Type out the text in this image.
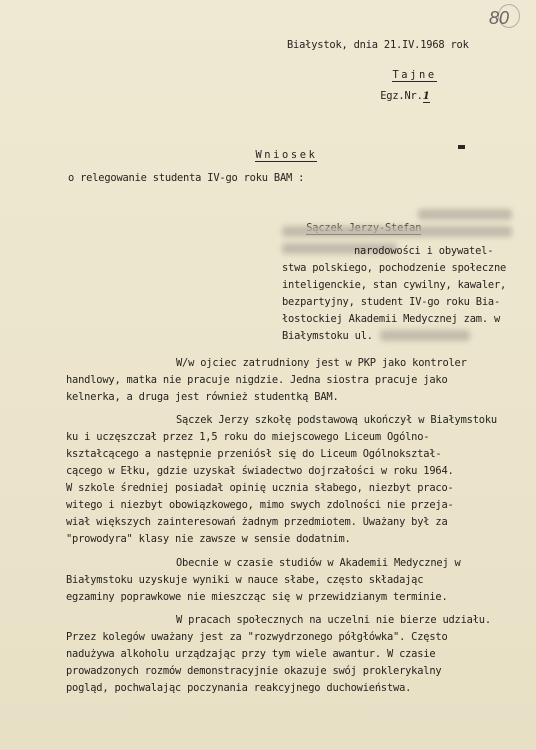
80
Białystok, dnia 21.IV.1968 rok

Tajne

Egz.Nr.1

Wniosek

o relegowanie studenta IV-go roku BAM :

narodowości i obywatel-
stwa polskiego, pochodzenie społeczne
inteligenckie, stan cywilny, kawaler,
bezpartyjny, student IV-go roku Bia-
łostockiej Akademii Medycznej zam. w
Białymstoku ul.
W/w ojciec zatrudniony jest w PKP jako kontroler
handlowy, matka nie pracuje nigdzie. Jedna siostra pracuje jako
kelnerka, a druga jest również studentką BAM.
Sączek Jerzy szkołę podstawową ukończył w Białymstoku
ku i uczęszczał przez 1,5 roku do miejscowego Liceum Ogólno-
kształcącego a następnie przeniósł się do Liceum Ogólnokształ-
cącego w Ełku, gdzie uzyskał świadectwo dojrzałości w roku 1964.
W szkole średniej posiadał opinię ucznia słabego, niezbyt praco-
witego i niezbyt obowiązkowego, mimo swych zdolności nie przeja-
wiał większych zainteresowań żadnym przedmiotem. Uważany był za
"prowodyra" klasy nie zawsze w sensie dodatnim.
Obecnie w czasie studiów w Akademii Medycznej w
Białymstoku uzyskuje wyniki w nauce słabe, często składając
egzaminy poprawkowe nie mieszcząc się w przewidzianym terminie.
W pracach społecznych na uczelni nie bierze udziału.
Przez kolegów uważany jest za "rozwydrzonego półgłówka". Często
nadużywa alkoholu urządzając przy tym wiele awantur. W czasie
prowadzonych rozmów demonstracyjnie okazuje swój proklerykalny
pogląd, pochwalając poczynania reakcyjnego duchowieństwa.
